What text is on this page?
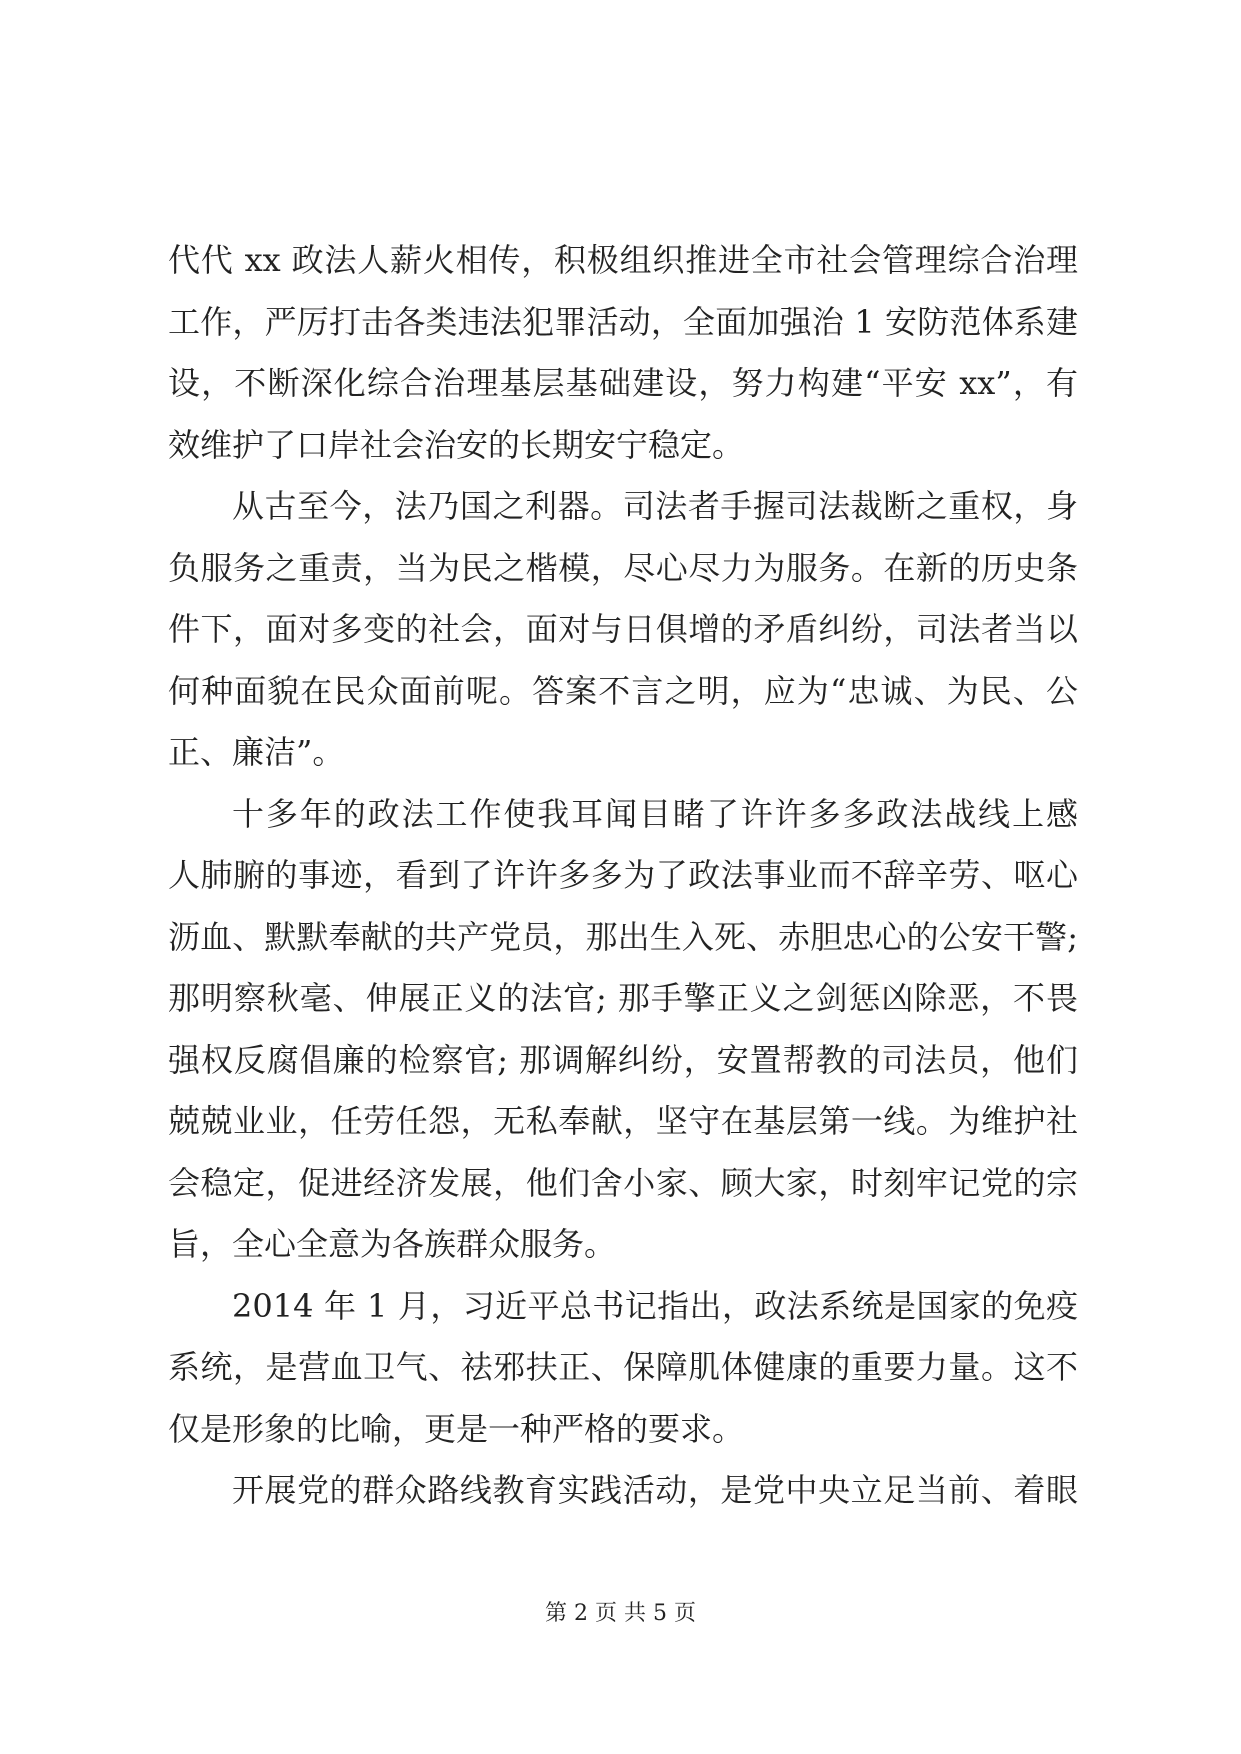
代代 xx 政法人薪火相传，积极组织推进全市社会管理综合治理
工作，严厉打击各类违法犯罪活动，全面加强治 1 安防范体系建
设，不断深化综合治理基层基础建设，努力构建“平安 xx”，有
效维护了口岸社会治安的长期安宁稳定。
从古至今，法乃国之利器。司法者手握司法裁断之重权，身
负服务之重责，当为民之楷模，尽心尽力为服务。在新的历史条
件下，面对多变的社会，面对与日俱增的矛盾纠纷，司法者当以
何种面貌在民众面前呢。答案不言之明，应为“忠诚、为民、公
正、廉洁”。
十多年的政法工作使我耳闻目睹了许许多多政法战线上感
人肺腑的事迹，看到了许许多多为了政法事业而不辞辛劳、呕心
沥血、默默奉献的共产党员，那出生入死、赤胆忠心的公安干警;
那明察秋毫、伸展正义的法官; 那手擎正义之剑惩凶除恶，不畏
强权反腐倡廉的检察官; 那调解纠纷，安置帮教的司法员，他们
兢兢业业，任劳任怨，无私奉献，坚守在基层第一线。为维护社
会稳定，促进经济发展，他们舍小家、顾大家，时刻牢记党的宗
旨，全心全意为各族群众服务。
2014 年 1 月，习近平总书记指出，政法系统是国家的免疫
系统，是营血卫气、祛邪扶正、保障肌体健康的重要力量。这不
仅是形象的比喻，更是一种严格的要求。
开展党的群众路线教育实践活动，是党中央立足当前、着眼
第 2 页 共 5 页
